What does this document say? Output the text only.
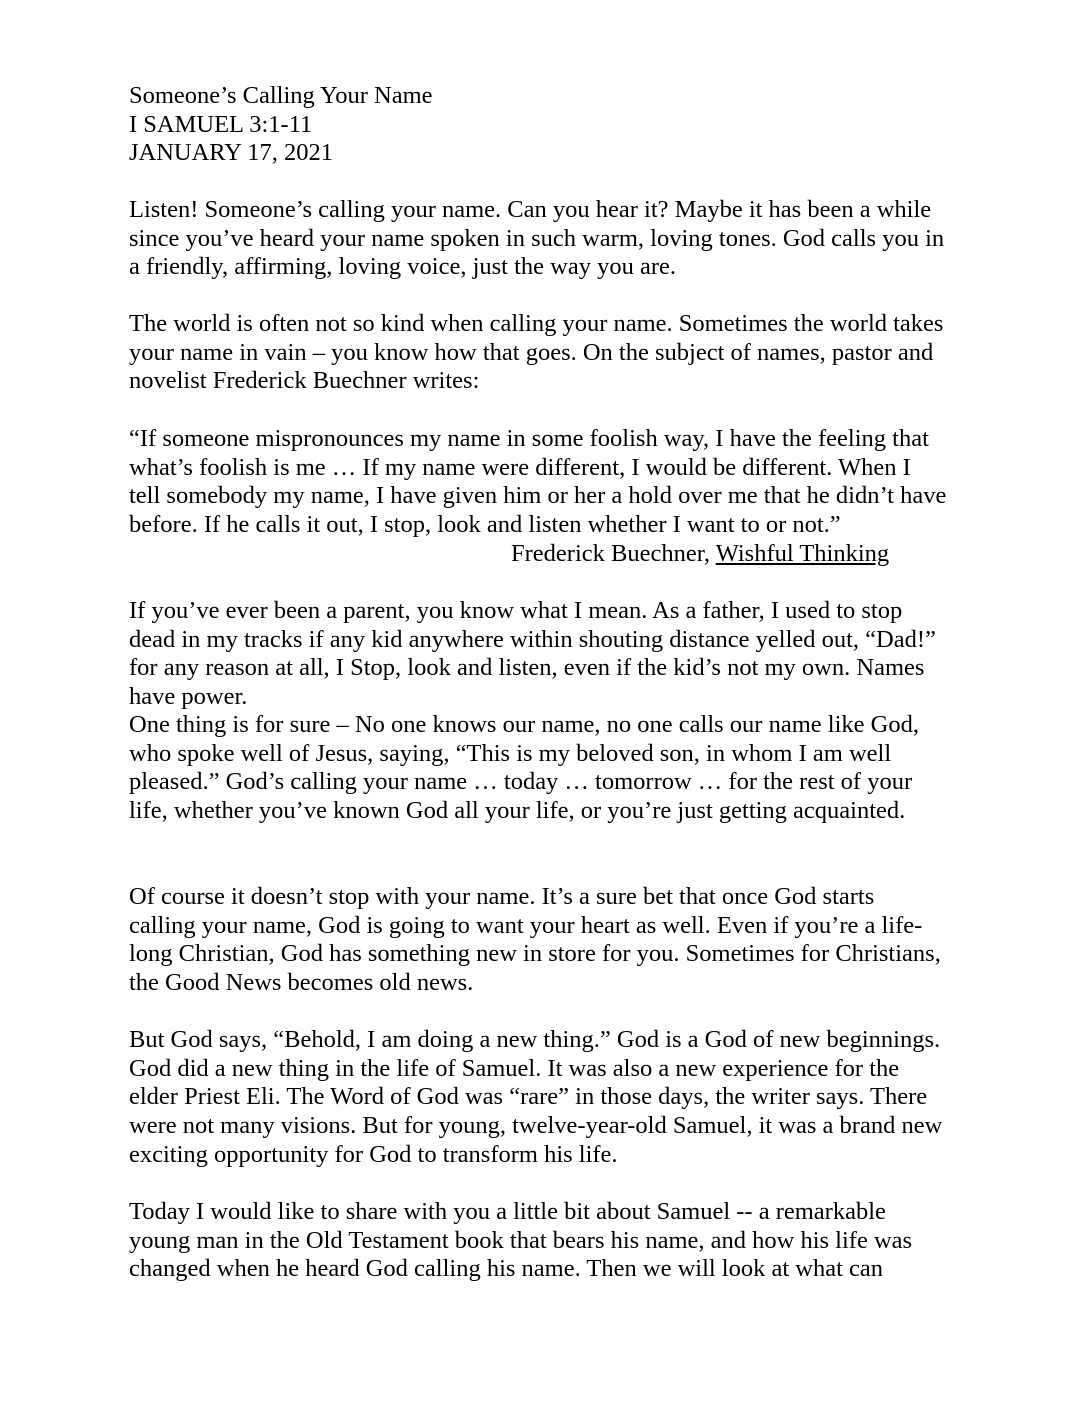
Someone’s Calling Your Name
I SAMUEL 3:1-11
JANUARY 17, 2021
Listen! Someone’s calling your name. Can you hear it? Maybe it has been a while
since you’ve heard your name spoken in such warm, loving tones. God calls you in
a friendly, affirming, loving voice, just the way you are.
The world is often not so kind when calling your name. Sometimes the world takes
your name in vain – you know how that goes. On the subject of names, pastor and
novelist Frederick Buechner writes:
“If someone mispronounces my name in some foolish way, I have the feeling that
what’s foolish is me … If my name were different, I would be different. When I
tell somebody my name, I have given him or her a hold over me that he didn’t have
before. If he calls it out, I stop, look and listen whether I want to or not.”
Frederick Buechner, Wishful Thinking
If you’ve ever been a parent, you know what I mean. As a father, I used to stop
dead in my tracks if any kid anywhere within shouting distance yelled out, “Dad!”
for any reason at all, I Stop, look and listen, even if the kid’s not my own. Names
have power.
One thing is for sure – No one knows our name, no one calls our name like God,
who spoke well of Jesus, saying, “This is my beloved son, in whom I am well
pleased.” God’s calling your name … today … tomorrow … for the rest of your
life, whether you’ve known God all your life, or you’re just getting acquainted.
Of course it doesn’t stop with your name. It’s a sure bet that once God starts
calling your name, God is going to want your heart as well. Even if you’re a life-
long Christian, God has something new in store for you. Sometimes for Christians,
the Good News becomes old news.
But God says, “Behold, I am doing a new thing.” God is a God of new beginnings.
God did a new thing in the life of Samuel. It was also a new experience for the
elder Priest Eli. The Word of God was “rare” in those days, the writer says. There
were not many visions. But for young, twelve-year-old Samuel, it was a brand new
exciting opportunity for God to transform his life.
Today I would like to share with you a little bit about Samuel -- a remarkable
young man in the Old Testament book that bears his name, and how his life was
changed when he heard God calling his name. Then we will look at what can
